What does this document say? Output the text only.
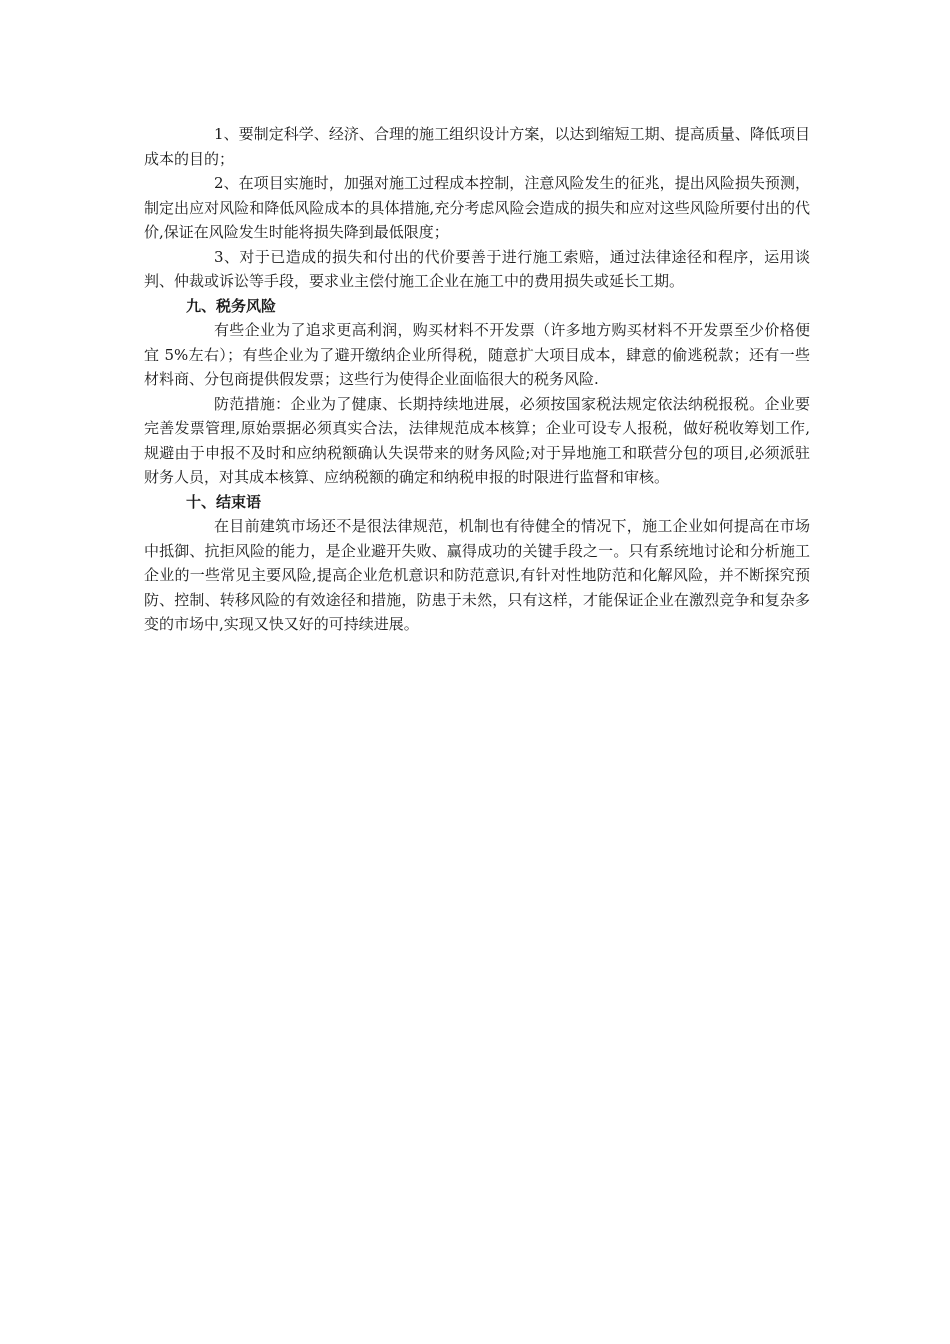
1、要制定科学、经济、合理的施工组织设计方案，以达到缩短工期、提高质量、降低项目成本的目的；

2、在项目实施时，加强对施工过程成本控制，注意风险发生的征兆，提出风险损失预测，制定出应对风险和降低风险成本的具体措施,充分考虑风险会造成的损失和应对这些风险所要付出的代价,保证在风险发生时能将损失降到最低限度；

3、对于已造成的损失和付出的代价要善于进行施工索赔，通过法律途径和程序，运用谈判、仲裁或诉讼等手段，要求业主偿付施工企业在施工中的费用损失或延长工期。

九、税务风险

有些企业为了追求更高利润，购买材料不开发票（许多地方购买材料不开发票至少价格便宜 5%左右）；有些企业为了避开缴纳企业所得税，随意扩大项目成本，肆意的偷逃税款；还有一些材料商、分包商提供假发票；这些行为使得企业面临很大的税务风险.

防范措施：企业为了健康、长期持续地进展，必须按国家税法规定依法纳税报税。企业要完善发票管理,原始票据必须真实合法，法律规范成本核算；企业可设专人报税，做好税收筹划工作,规避由于申报不及时和应纳税额确认失误带来的财务风险;对于异地施工和联营分包的项目,必须派驻财务人员，对其成本核算、应纳税额的确定和纳税申报的时限进行监督和审核。

十、结束语

在目前建筑市场还不是很法律规范，机制也有待健全的情况下，施工企业如何提高在市场中抵御、抗拒风险的能力，是企业避开失败、赢得成功的关键手段之一。只有系统地讨论和分析施工企业的一些常见主要风险,提高企业危机意识和防范意识,有针对性地防范和化解风险，并不断探究预防、控制、转移风险的有效途径和措施，防患于未然，只有这样，才能保证企业在激烈竞争和复杂多变的市场中,实现又快又好的可持续进展。
